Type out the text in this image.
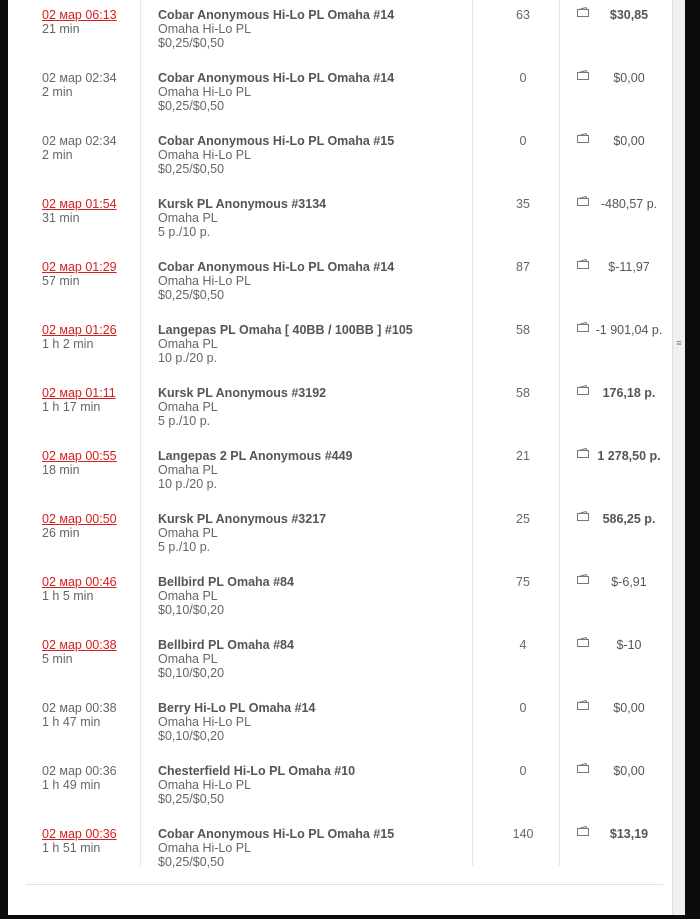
02 мар 06:13
21 min
Cobar Anonymous Hi-Lo PL Omaha #14
Omaha Hi-Lo PL
$0,25/$0,50
63	$30,85
02 мар 02:34
2 min
Cobar Anonymous Hi-Lo PL Omaha #14
Omaha Hi-Lo PL
$0,25/$0,50
0	$0,00
02 мар 02:34
2 min
Cobar Anonymous Hi-Lo PL Omaha #15
Omaha Hi-Lo PL
$0,25/$0,50
0	$0,00
02 мар 01:54
31 min
Kursk PL Anonymous #3134
Omaha PL
5 р./10 р.
35	-480,57 р.
02 мар 01:29
57 min
Cobar Anonymous Hi-Lo PL Omaha #14
Omaha Hi-Lo PL
$0,25/$0,50
87	$-11,97
02 мар 01:26
1 h 2 min
Langepas PL Omaha [ 40BB / 100BB ] #105
Omaha PL
10 р./20 р.
58	-1 901,04 р.
02 мар 01:11
1 h 17 min
Kursk PL Anonymous #3192
Omaha PL
5 р./10 р.
58	176,18 р.
02 мар 00:55
18 min
Langepas 2 PL Anonymous #449
Omaha PL
10 р./20 р.
21	1 278,50 р.
02 мар 00:50
26 min
Kursk PL Anonymous #3217
Omaha PL
5 р./10 р.
25	586,25 р.
02 мар 00:46
1 h 5 min
Bellbird PL Omaha #84
Omaha PL
$0,10/$0,20
75	$-6,91
02 мар 00:38
5 min
Bellbird PL Omaha #84
Omaha PL
$0,10/$0,20
4	$-10
02 мар 00:38
1 h 47 min
Berry Hi-Lo PL Omaha #14
Omaha Hi-Lo PL
$0,10/$0,20
0	$0,00
02 мар 00:36
1 h 49 min
Chesterfield Hi-Lo PL Omaha #10
Omaha Hi-Lo PL
$0,25/$0,50
0	$0,00
02 мар 00:36
1 h 51 min
Cobar Anonymous Hi-Lo PL Omaha #15
Omaha Hi-Lo PL
$0,25/$0,50
140	$13,19
≡
